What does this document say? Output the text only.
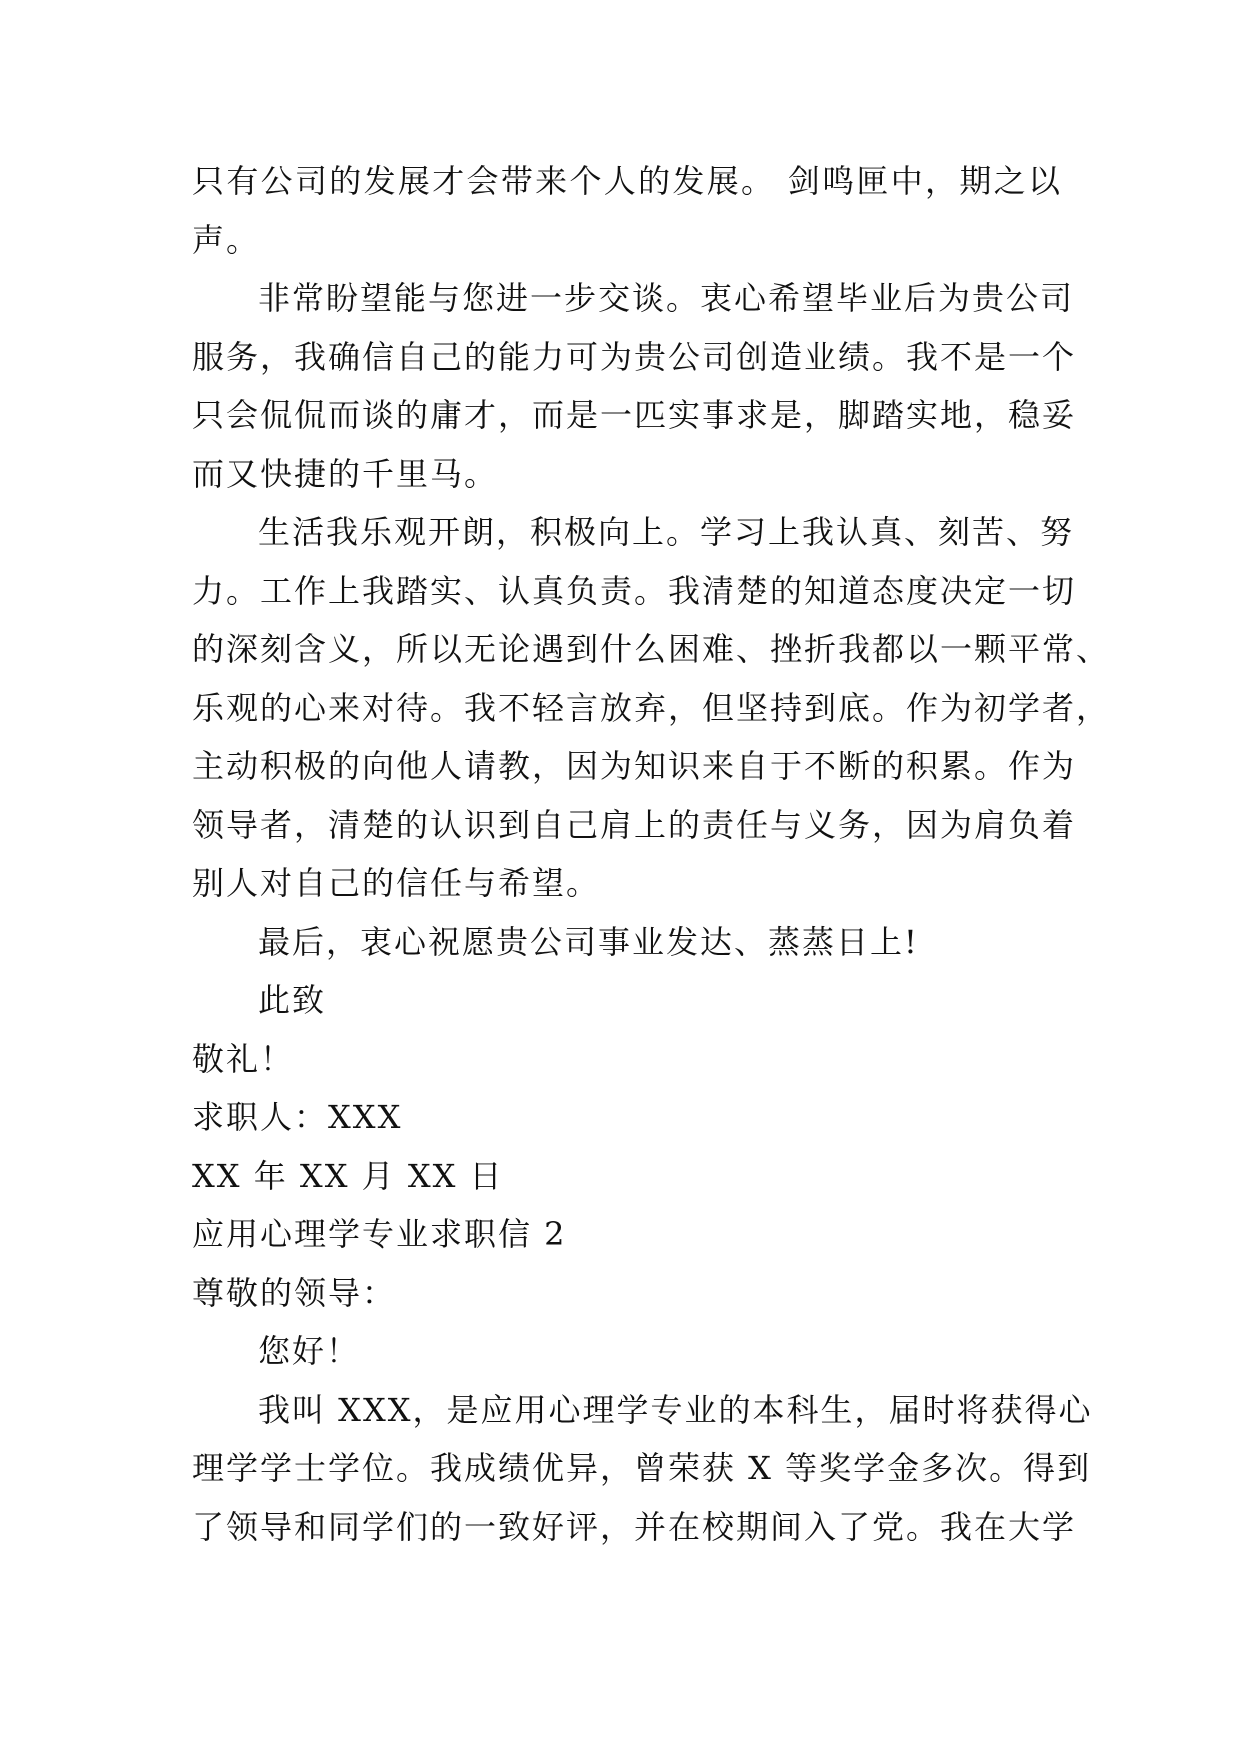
只有公司的发展才会带来个人的发展。 剑鸣匣中，期之以
声。
非常盼望能与您进一步交谈。衷心希望毕业后为贵公司
服务，我确信自己的能力可为贵公司创造业绩。我不是一个
只会侃侃而谈的庸才，而是一匹实事求是，脚踏实地，稳妥
而又快捷的千里马。
生活我乐观开朗，积极向上。学习上我认真、刻苦、努
力。工作上我踏实、认真负责。我清楚的知道态度决定一切
的深刻含义，所以无论遇到什么困难、挫折我都以一颗平常、
乐观的心来对待。我不轻言放弃，但坚持到底。作为初学者，
主动积极的向他人请教，因为知识来自于不断的积累。作为
领导者，清楚的认识到自己肩上的责任与义务，因为肩负着
别人对自己的信任与希望。
最后，衷心祝愿贵公司事业发达、蒸蒸日上!
此致
敬礼！
求职人：XXX
XX 年 XX 月 XX 日
应用心理学专业求职信 2
尊敬的领导：
您好！
我叫 XXX，是应用心理学专业的本科生，届时将获得心
理学学士学位。我成绩优异，曾荣获 X 等奖学金多次。得到
了领导和同学们的一致好评，并在校期间入了党。我在大学
